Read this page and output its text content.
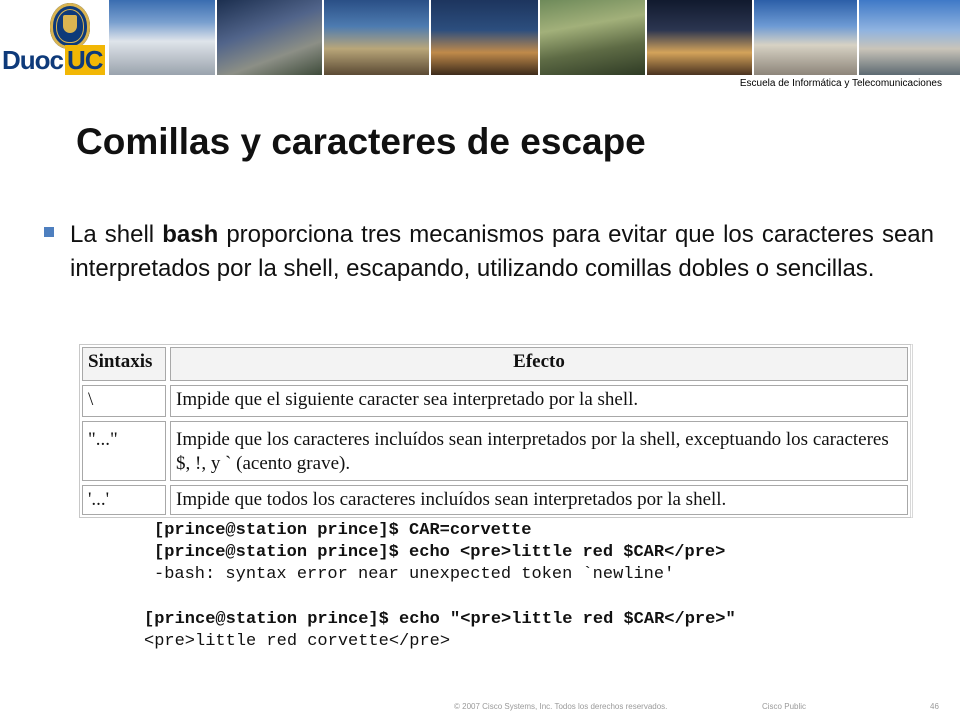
Duoc UC
Escuela de Informática y Telecomunicaciones
Comillas y caracteres de escape
La shell bash proporciona tres mecanismos para evitar que los caracteres sean interpretados por la shell, escapando, utilizando comillas dobles o sencillas.
Sintaxis	Efecto
\	Impide que el siguiente caracter sea interpretado por la shell.
"..."	Impide que los caracteres incluídos sean interpretados por la shell, exceptuando los caracteres $, !, y ` (acento grave).
'...'	Impide que todos los caracteres incluídos sean interpretados por la shell.
[prince@station prince]$ CAR=corvette
[prince@station prince]$ echo <pre>little red $CAR</pre>
-bash: syntax error near unexpected token `newline'
[prince@station prince]$ echo "<pre>little red $CAR</pre>"
<pre>little red corvette</pre>
© 2007 Cisco Systems, Inc. Todos los derechos reservados.	Cisco Public	46
